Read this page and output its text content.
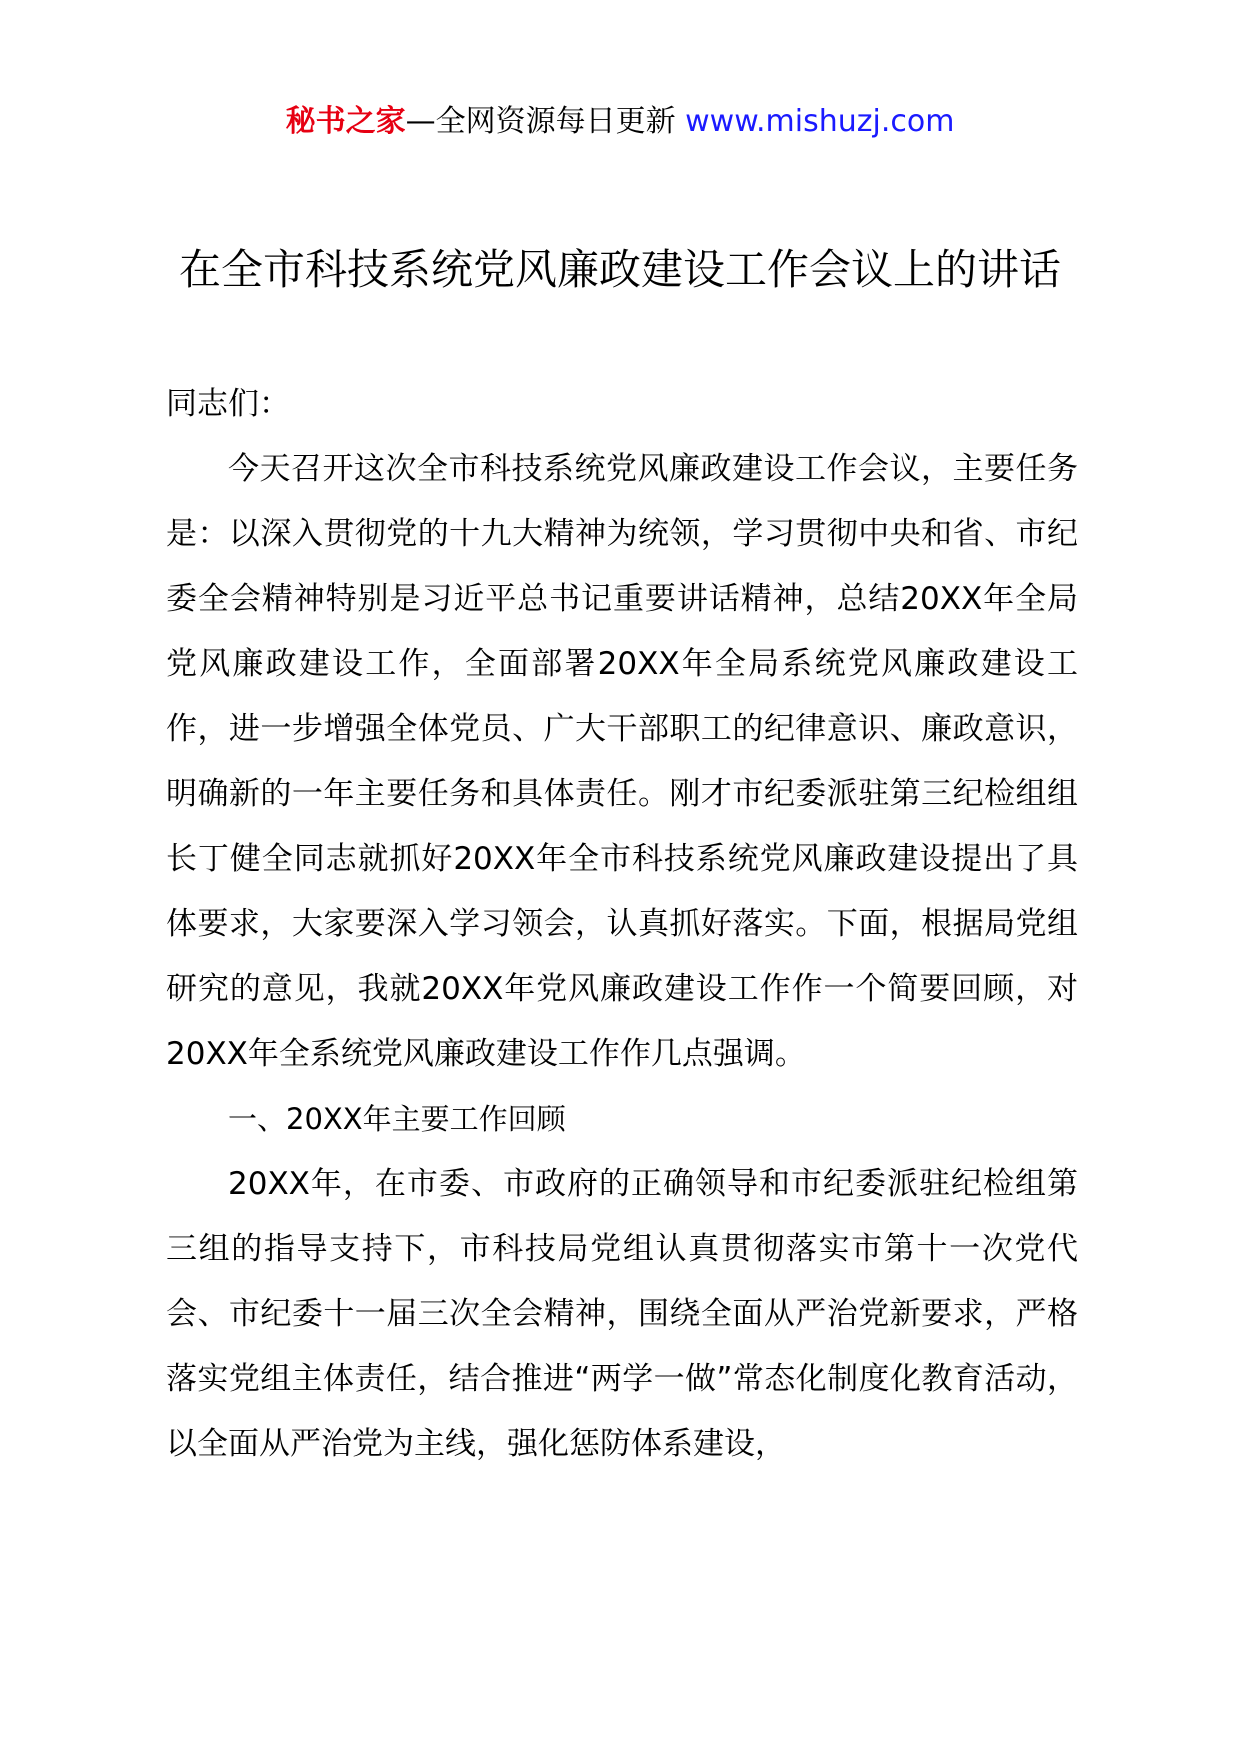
秘书之家—全网资源每日更新 www.mishuzj.com
在全市科技系统党风廉政建设工作会议上的讲话

同志们：

今天召开这次全市科技系统党风廉政建设工作会议，主要任务是：以深入贯彻党的十九大精神为统领，学习贯彻中央和省、市纪委全会精神特别是习近平总书记重要讲话精神，总结20XX年全局党风廉政建设工作，全面部署20XX年全局系统党风廉政建设工作，进一步增强全体党员、广大干部职工的纪律意识、廉政意识，明确新的一年主要任务和具体责任。刚才市纪委派驻第三纪检组组长丁健全同志就抓好20XX年全市科技系统党风廉政建设提出了具体要求，大家要深入学习领会，认真抓好落实。下面，根据局党组研究的意见，我就20XX年党风廉政建设工作作一个简要回顾，对20XX年全系统党风廉政建设工作作几点强调。

一、20XX年主要工作回顾

20XX年，在市委、市政府的正确领导和市纪委派驻纪检组第三组的指导支持下，市科技局党组认真贯彻落实市第十一次党代会、市纪委十一届三次全会精神，围绕全面从严治党新要求，严格落实党组主体责任，结合推进“两学一做”常态化制度化教育活动，以全面从严治党为主线，强化惩防体系建设，
